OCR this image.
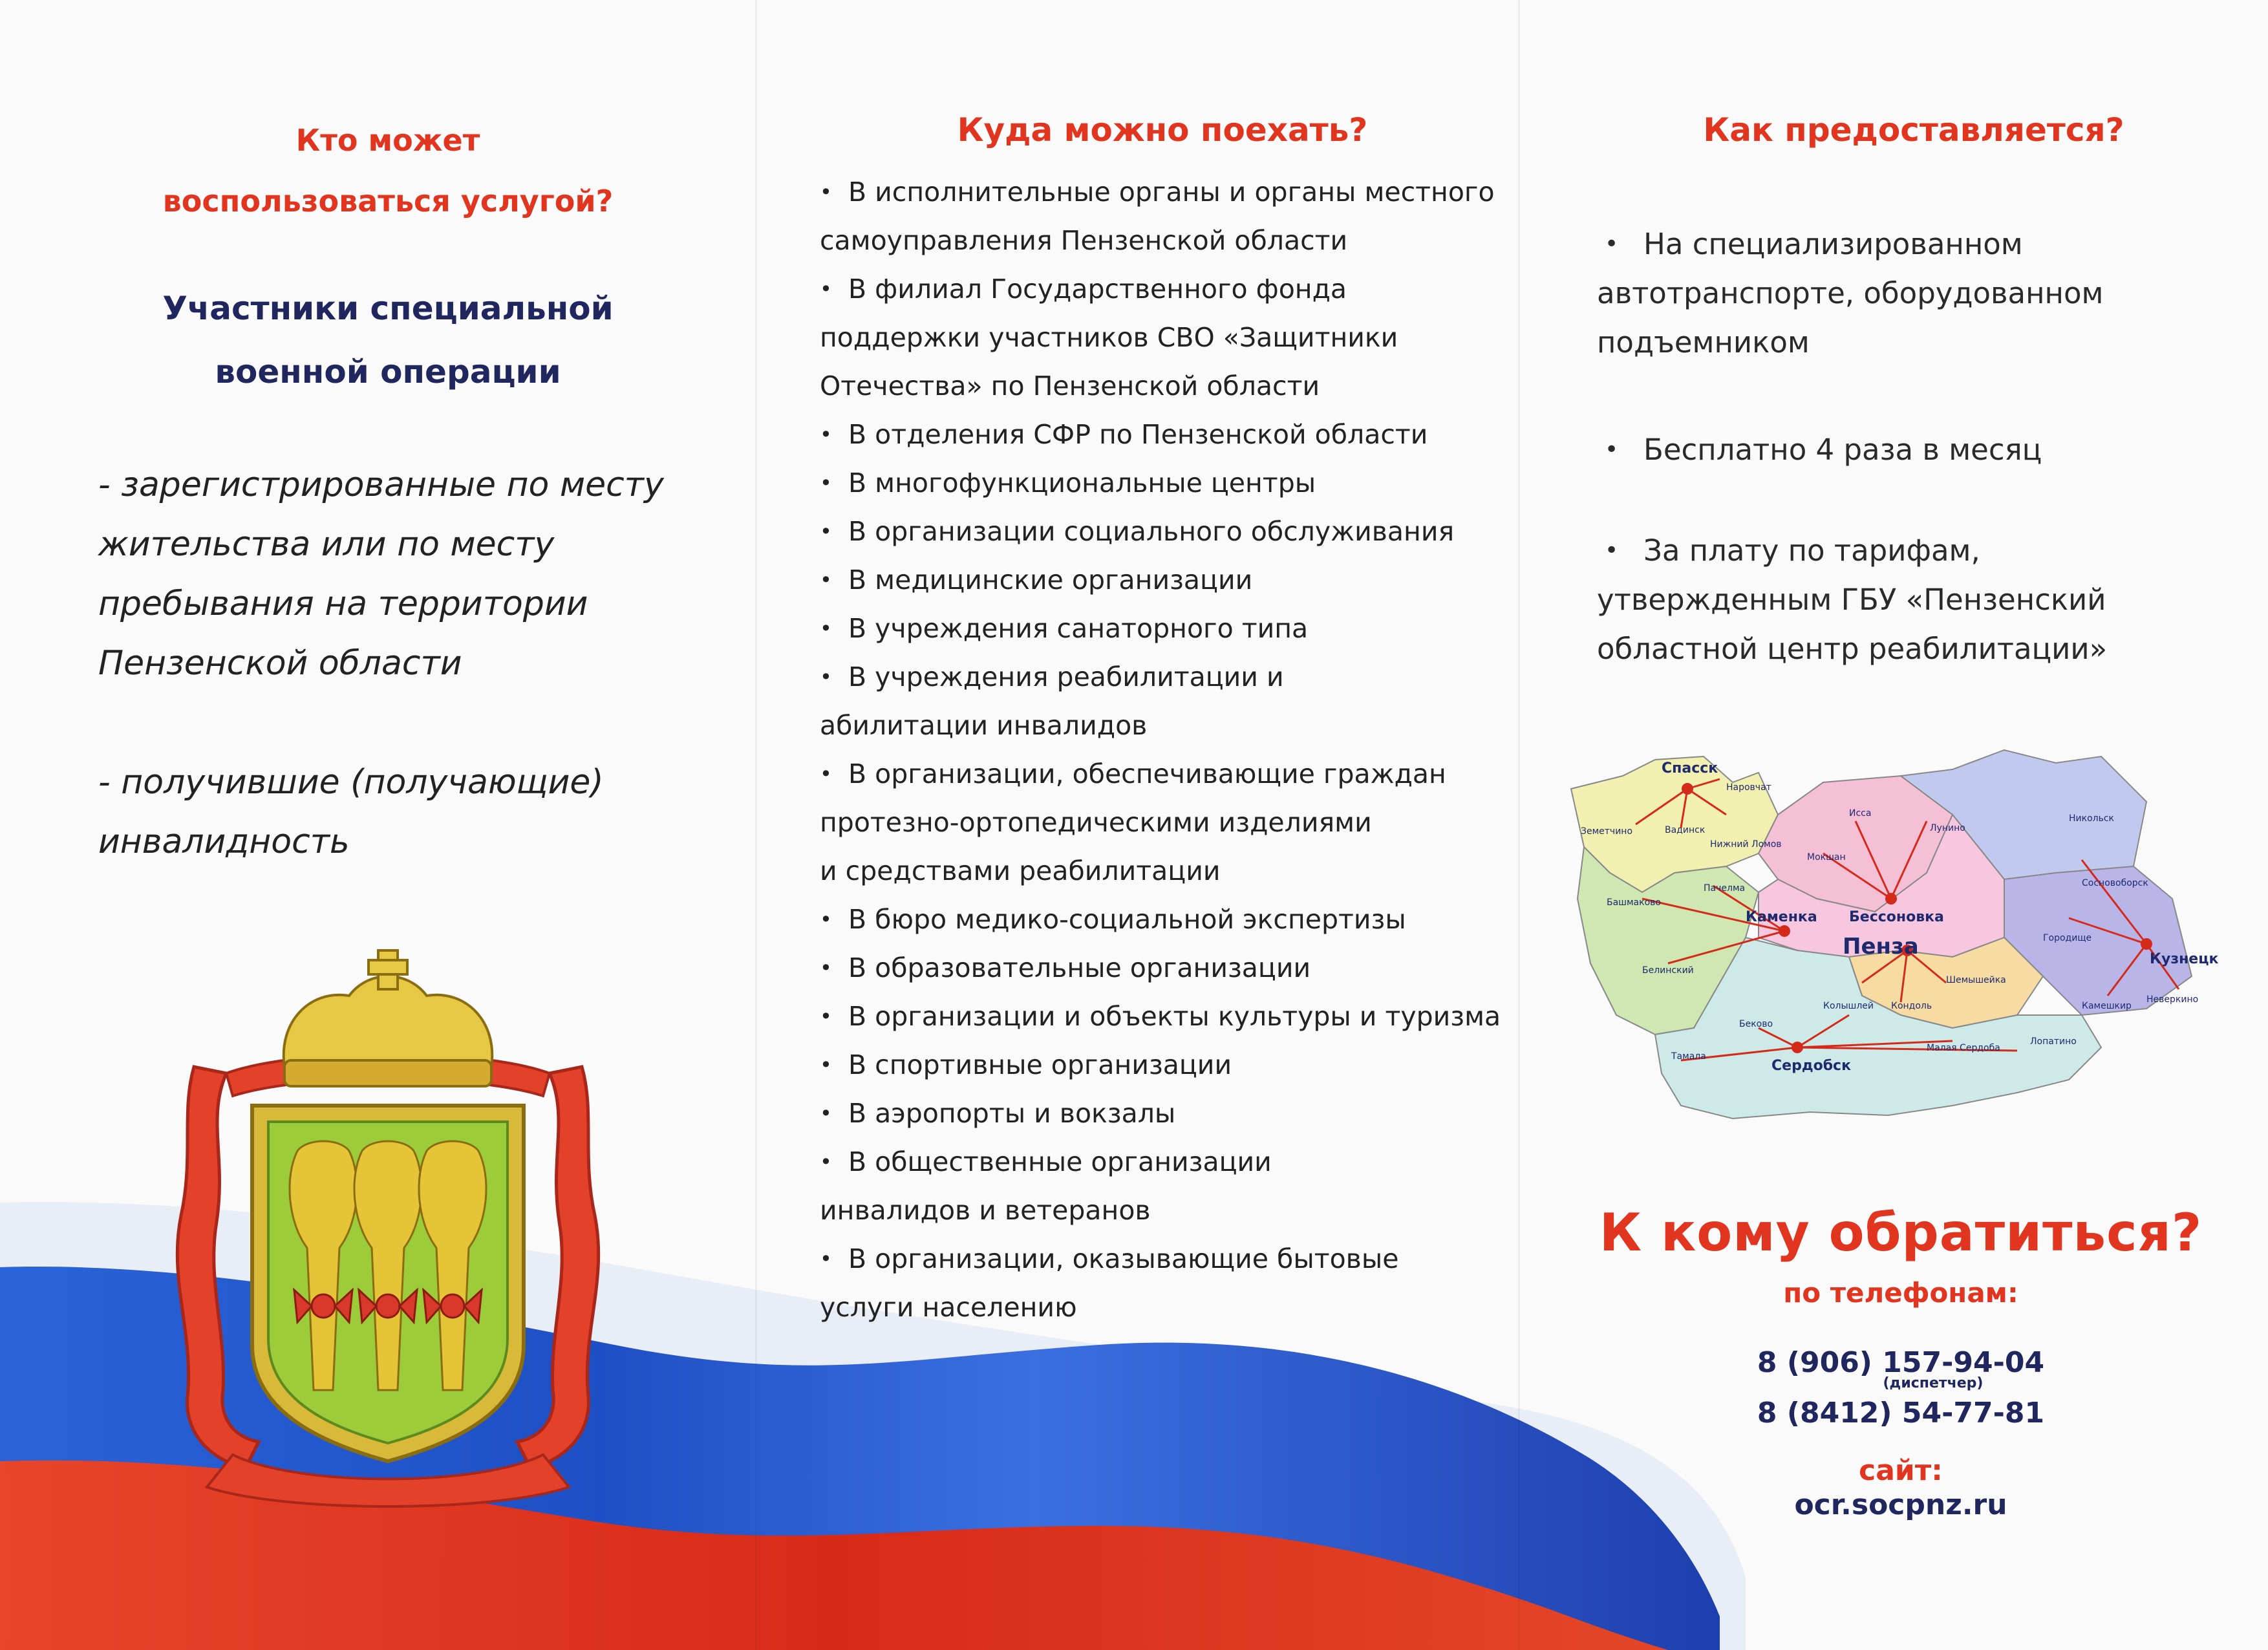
Кто может
воспользоваться услугой?
Участники специальной
военной операции
- зарегистрированные по месту
жительства или по месту
пребывания на территории
Пензенской области
- получившие (получающие)
инвалидность
Куда можно поехать?
• В исполнительные органы и органы местного
самоуправления Пензенской области
• В филиал Государственного фонда
поддержки участников СВО «Защитники
Отечества» по Пензенской области
• В отделения СФР по Пензенской области
• В многофункциональные центры
• В организации социального обслуживания
• В медицинские организации
• В учреждения санаторного типа
• В учреждения реабилитации и
абилитации инвалидов
• В организации, обеспечивающие граждан
протезно-ортопедическими изделиями
и средствами реабилитации
• В бюро медико-социальной экспертизы
• В образовательные организации
• В организации и объекты культуры и туризма
• В спортивные организации
• В аэропорты и вокзалы
• В общественные организации
инвалидов и ветеранов
• В организации, оказывающие бытовые
услуги населению
Как предоставляется?
• На специализированном
автотранспорте, оборудованном
подъемником
• Бесплатно 4 раза в месяц
• За плату по тарифам,
утвержденным ГБУ «Пензенский
областной центр реабилитации»
Спасск
Каменка Бессоновка
Пенза	Кузнецк
Сердобск
Наровчат
Земетчино	Вадинск
Нижний Ломов
Исса
Лунино
Мокшан
Никольск
Сосновоборск
Пачелма
Башмаково
Белинский
Городище
Шемышейка
Камешкир
Неверкино
Колышлей Кондоль
Бековo
Тамала
Малая Сердоба
Лопатино
К кому обратиться?
по телефонам:
8 (906) 157-94-04
(диспетчер)
8 (8412) 54-77-81
сайт:
ocr.socpnz.ru
